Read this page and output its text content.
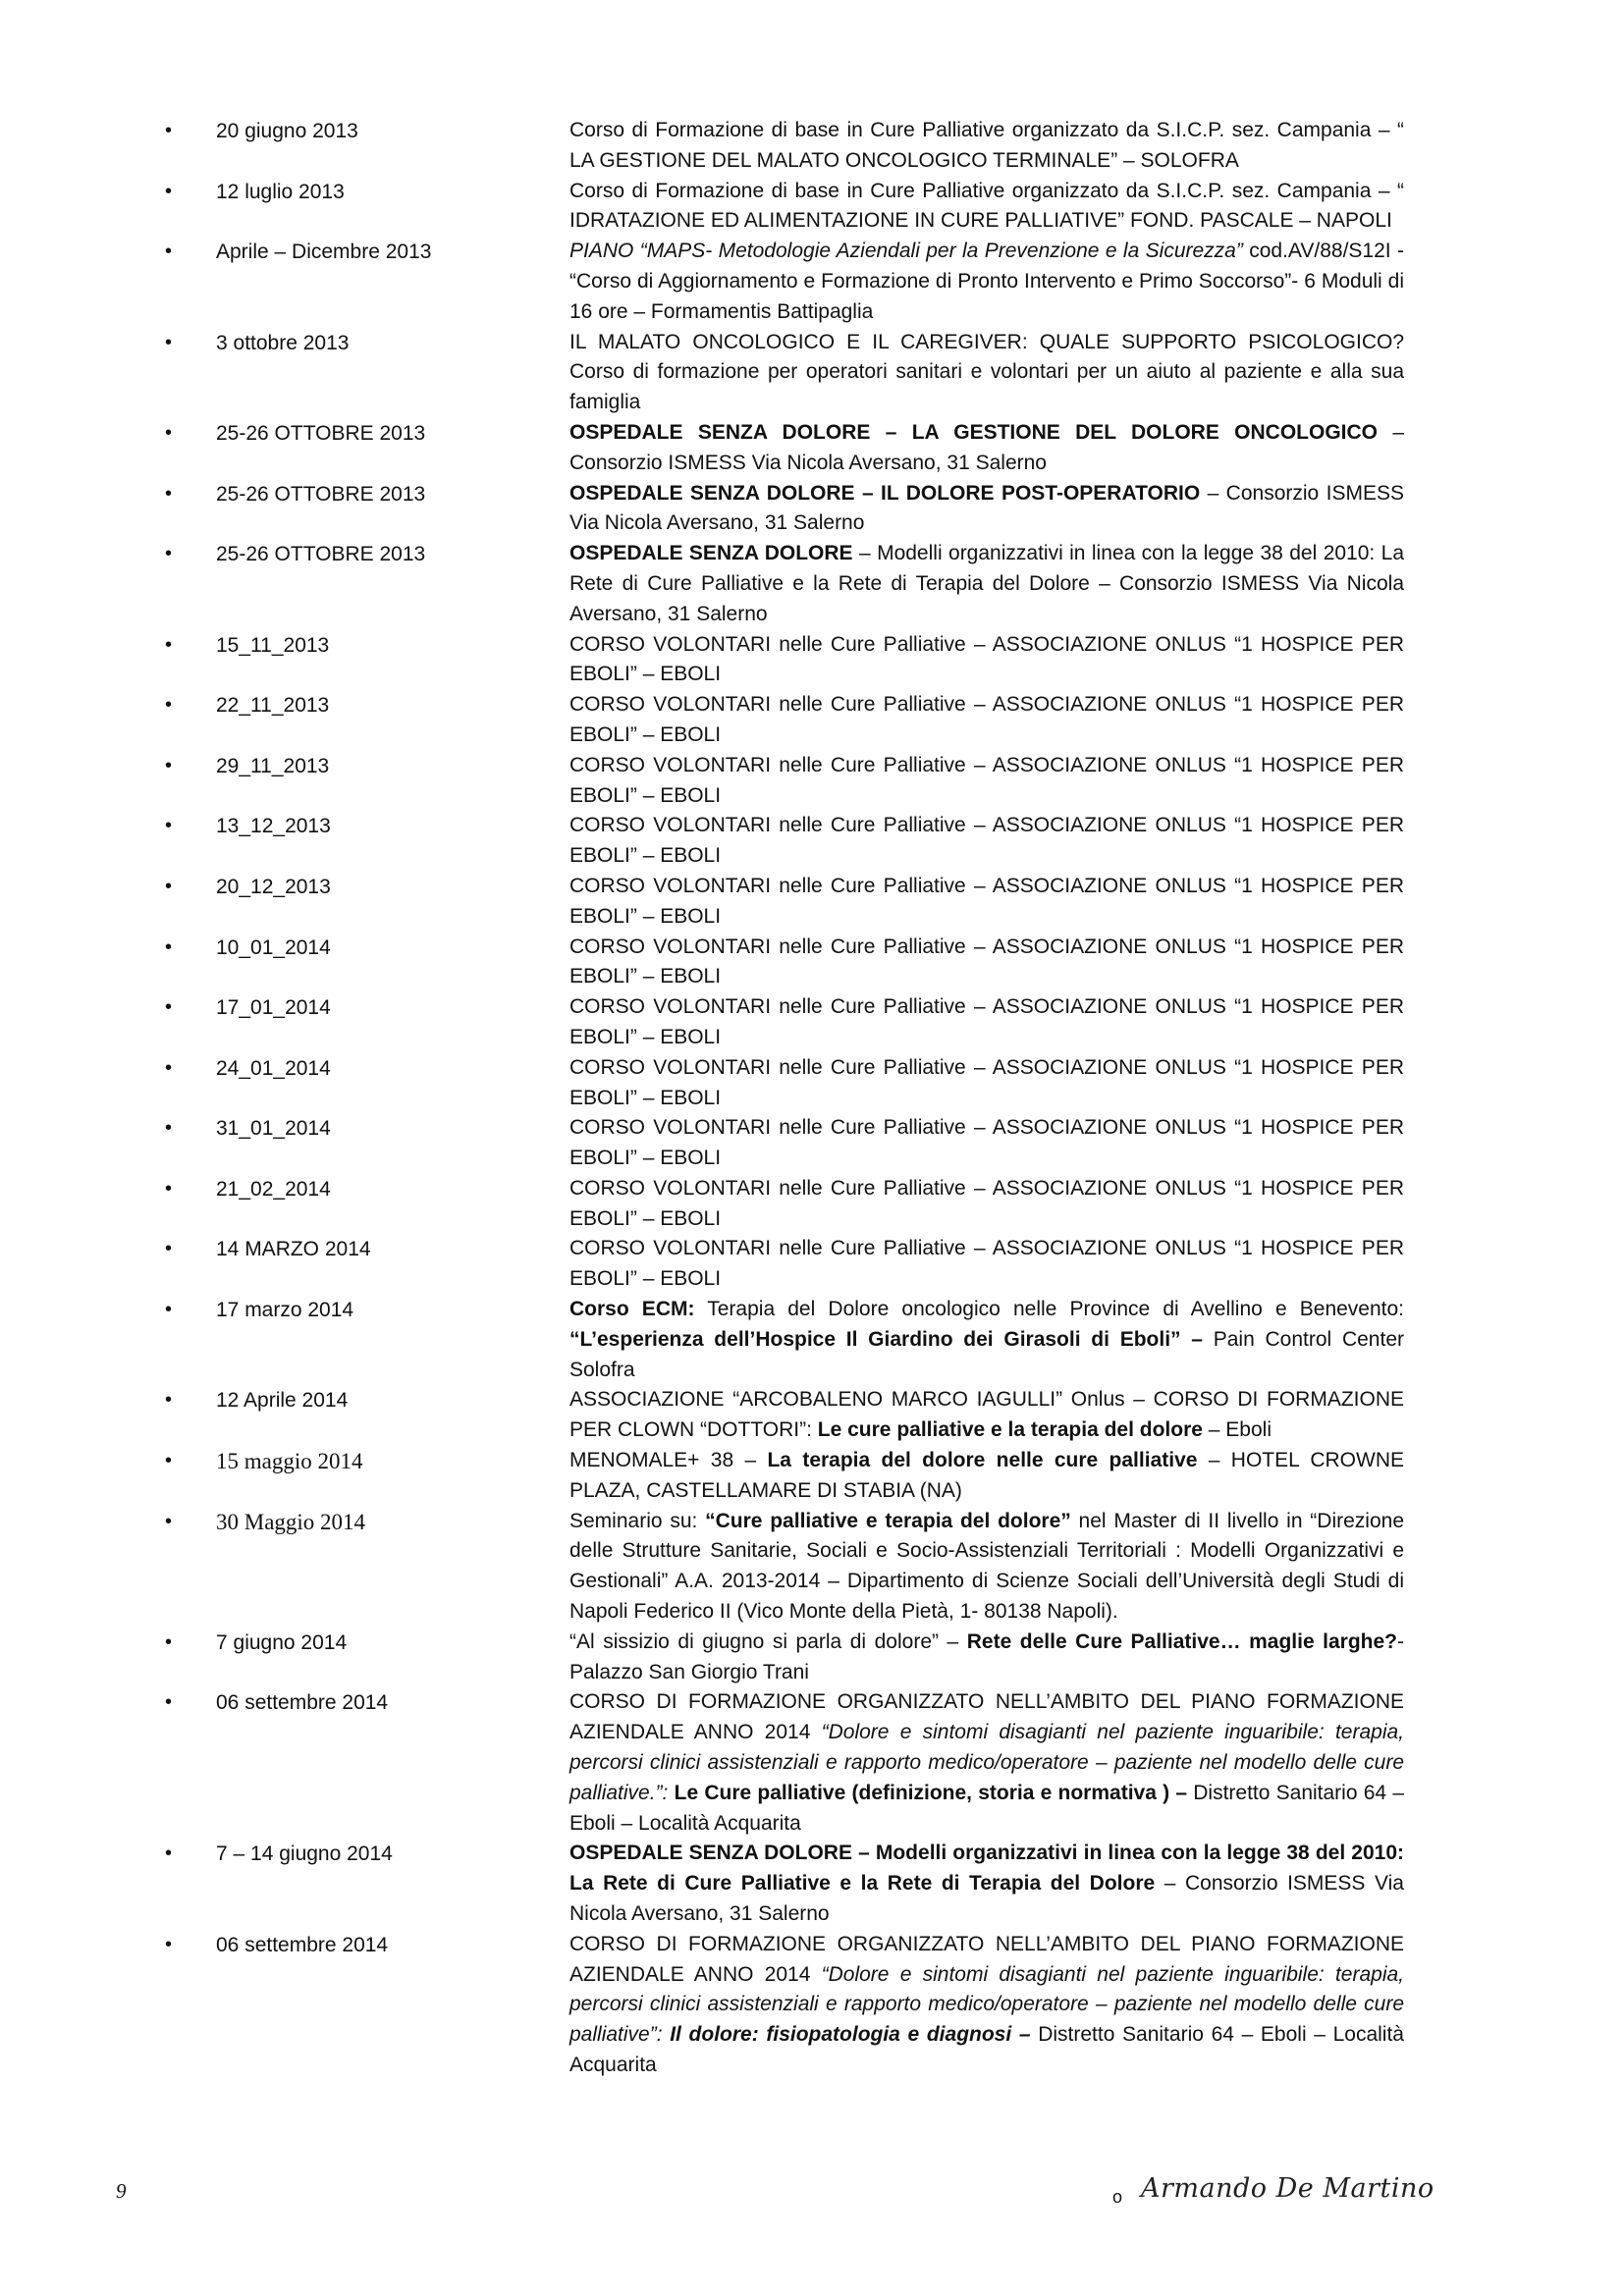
•	20 giugno 2013	Corso di Formazione di base in Cure Palliative organizzato da S.I.C.P. sez. Campania – “ LA GESTIONE DEL MALATO ONCOLOGICO TERMINALE” – SOLOFRA
•	12 luglio 2013	Corso di Formazione di base in Cure Palliative organizzato da S.I.C.P. sez. Campania – “ IDRATAZIONE ED ALIMENTAZIONE IN CURE PALLIATIVE” FOND. PASCALE – NAPOLI
•	Aprile – Dicembre 2013	PIANO “MAPS- Metodologie Aziendali per la Prevenzione e la Sicurezza” cod.AV/88/S12I - “Corso di Aggiornamento e Formazione di Pronto Intervento e Primo Soccorso”- 6 Moduli di 16 ore – Formamentis Battipaglia
•	3 ottobre 2013	IL MALATO ONCOLOGICO E IL CAREGIVER: QUALE SUPPORTO PSICOLOGICO? Corso di formazione per operatori sanitari e volontari per un aiuto al paziente e alla sua famiglia
•	25-26 OTTOBRE 2013	OSPEDALE SENZA DOLORE – LA GESTIONE DEL DOLORE ONCOLOGICO – Consorzio ISMESS Via Nicola Aversano, 31 Salerno
•	25-26 OTTOBRE 2013	OSPEDALE SENZA DOLORE – IL DOLORE POST-OPERATORIO – Consorzio ISMESS Via Nicola Aversano, 31 Salerno
•	25-26 OTTOBRE 2013	OSPEDALE SENZA DOLORE – Modelli organizzativi in linea con la legge 38 del 2010: La Rete di Cure Palliative e la Rete di Terapia del Dolore – Consorzio ISMESS Via Nicola Aversano, 31 Salerno
•	15_11_2013	CORSO VOLONTARI nelle Cure Palliative – ASSOCIAZIONE ONLUS “1 HOSPICE PER EBOLI” – EBOLI
•	22_11_2013	CORSO VOLONTARI nelle Cure Palliative – ASSOCIAZIONE ONLUS “1 HOSPICE PER EBOLI” – EBOLI
•	29_11_2013	CORSO VOLONTARI nelle Cure Palliative – ASSOCIAZIONE ONLUS “1 HOSPICE PER EBOLI” – EBOLI
•	13_12_2013	CORSO VOLONTARI nelle Cure Palliative – ASSOCIAZIONE ONLUS “1 HOSPICE PER EBOLI” – EBOLI
•	20_12_2013	CORSO VOLONTARI nelle Cure Palliative – ASSOCIAZIONE ONLUS “1 HOSPICE PER EBOLI” – EBOLI
•	10_01_2014	CORSO VOLONTARI nelle Cure Palliative – ASSOCIAZIONE ONLUS “1 HOSPICE PER EBOLI” – EBOLI
•	17_01_2014	CORSO VOLONTARI nelle Cure Palliative – ASSOCIAZIONE ONLUS “1 HOSPICE PER EBOLI” – EBOLI
•	24_01_2014	CORSO VOLONTARI nelle Cure Palliative – ASSOCIAZIONE ONLUS “1 HOSPICE PER EBOLI” – EBOLI
•	31_01_2014	CORSO VOLONTARI nelle Cure Palliative – ASSOCIAZIONE ONLUS “1 HOSPICE PER EBOLI” – EBOLI
•	21_02_2014	CORSO VOLONTARI nelle Cure Palliative – ASSOCIAZIONE ONLUS “1 HOSPICE PER EBOLI” – EBOLI
•	14 MARZO 2014	CORSO VOLONTARI nelle Cure Palliative – ASSOCIAZIONE ONLUS “1 HOSPICE PER EBOLI” – EBOLI
•	17 marzo 2014	Corso ECM: Terapia del Dolore oncologico nelle Province di Avellino e Benevento: “L’esperienza dell’Hospice Il Giardino dei Girasoli di Eboli” – Pain Control Center Solofra
•	12 Aprile 2014	ASSOCIAZIONE “ARCOBALENO MARCO IAGULLI” Onlus – CORSO DI FORMAZIONE PER CLOWN “DOTTORI”: Le cure palliative e la terapia del dolore – Eboli
•	15 maggio 2014	MENOMALE+ 38 – La terapia del dolore nelle cure palliative – HOTEL CROWNE PLAZA, CASTELLAMARE DI STABIA (NA)
•	30 Maggio 2014	Seminario su: “Cure palliative e terapia del dolore” nel Master di II livello in “Direzione delle Strutture Sanitarie, Sociali e Socio-Assistenziali Territoriali : Modelli Organizzativi e Gestionali” A.A. 2013-2014 – Dipartimento di Scienze Sociali dell’Università degli Studi di Napoli Federico II (Vico Monte della Pietà, 1- 80138 Napoli).
•	7 giugno 2014	“Al sissizio di giugno si parla di dolore” – Rete delle Cure Palliative… maglie larghe?- Palazzo San Giorgio Trani
•	06 settembre 2014	CORSO DI FORMAZIONE ORGANIZZATO NELL’AMBITO DEL PIANO FORMAZIONE AZIENDALE ANNO 2014 “Dolore e sintomi disagianti nel paziente inguaribile: terapia, percorsi clinici assistenziali e rapporto medico/operatore – paziente nel modello delle cure palliative.”: Le Cure palliative (definizione, storia e normativa ) – Distretto Sanitario 64 – Eboli – Località Acquarita
•	7 – 14 giugno 2014	OSPEDALE SENZA DOLORE – Modelli organizzativi in linea con la legge 38 del 2010: La Rete di Cure Palliative e la Rete di Terapia del Dolore – Consorzio ISMESS Via Nicola Aversano, 31 Salerno
•	06 settembre 2014	CORSO DI FORMAZIONE ORGANIZZATO NELL’AMBITO DEL PIANO FORMAZIONE AZIENDALE ANNO 2014 “Dolore e sintomi disagianti nel paziente inguaribile: terapia, percorsi clinici assistenziali e rapporto medico/operatore – paziente nel modello delle cure palliative”: Il dolore: fisiopatologia e diagnosi – Distretto Sanitario 64 – Eboli – Località Acquarita
9	o Armando De Martino
